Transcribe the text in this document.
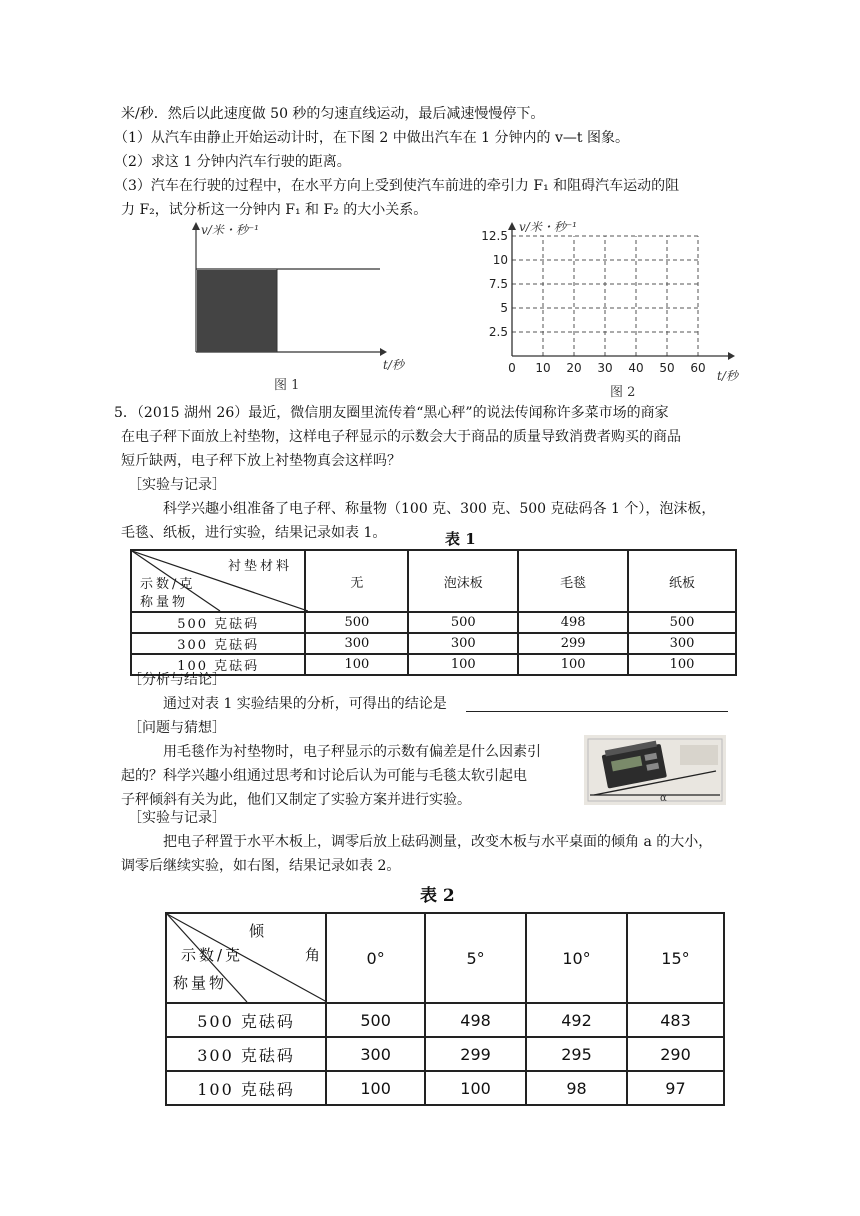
米/秒．然后以此速度做 50 秒的匀速直线运动，最后减速慢慢停下。
（1）从汽车由静止开始运动计时，在下图 2 中做出汽车在 1 分钟内的 v—t 图象。
（2）求这 1 分钟内汽车行驶的距离。
（3）汽车在行驶的过程中，在水平方向上受到使汽车前进的牵引力 F₁ 和阻碍汽车运动的阻
力 F₂，试分析这一分钟内 F₁ 和 F₂ 的大小关系。
v/米・秒⁻¹
t/秒
图 1
0 10 20 30 40 50 60
12.5
10
7.5
5
2.5
v/米・秒⁻¹
t/秒
图 2
5．（2015 湖州 26）最近，微信朋友圈里流传着“黑心秤”的说法传闻称许多菜市场的商家
在电子秤下面放上衬垫物，这样电子秤显示的示数会大于商品的质量导致消费者购买的商品
短斤缺两，电子秤下放上衬垫物真会这样吗？
［实验与记录］
科学兴趣小组准备了电子秤、称量物（100 克、300 克、500 克砝码各 1 个），泡沫板，
毛毯、纸板，进行实验，结果记录如表 1。	表 1
衬垫材料
示数/克
称量物	无	泡沫板	毛毯	纸板
500 克砝码	500	500	498	500
300 克砝码	300	300	299	300
100 克砝码	100	100	100	100
［分析与结论］
通过对表 1 实验结果的分析，可得出的结论是
［问题与猜想］
用毛毯作为衬垫物时，电子秤显示的示数有偏差是什么因素引
起的？科学兴趣小组通过思考和讨论后认为可能与毛毯太软引起电
子秤倾斜有关为此，他们又制定了实验方案并进行实验。	α
［实验与记录］
把电子秤置于水平木板上，调零后放上砝码测量，改变木板与水平桌面的倾角 a 的大小，
调零后继续实验，如右图，结果记录如表 2。
表 2
倾
角
示数/克
称量物	0°	5°	10°	15°
500 克砝码	500	498	492	483
300 克砝码	300	299	295	290
100 克砝码	100	100	98	97
